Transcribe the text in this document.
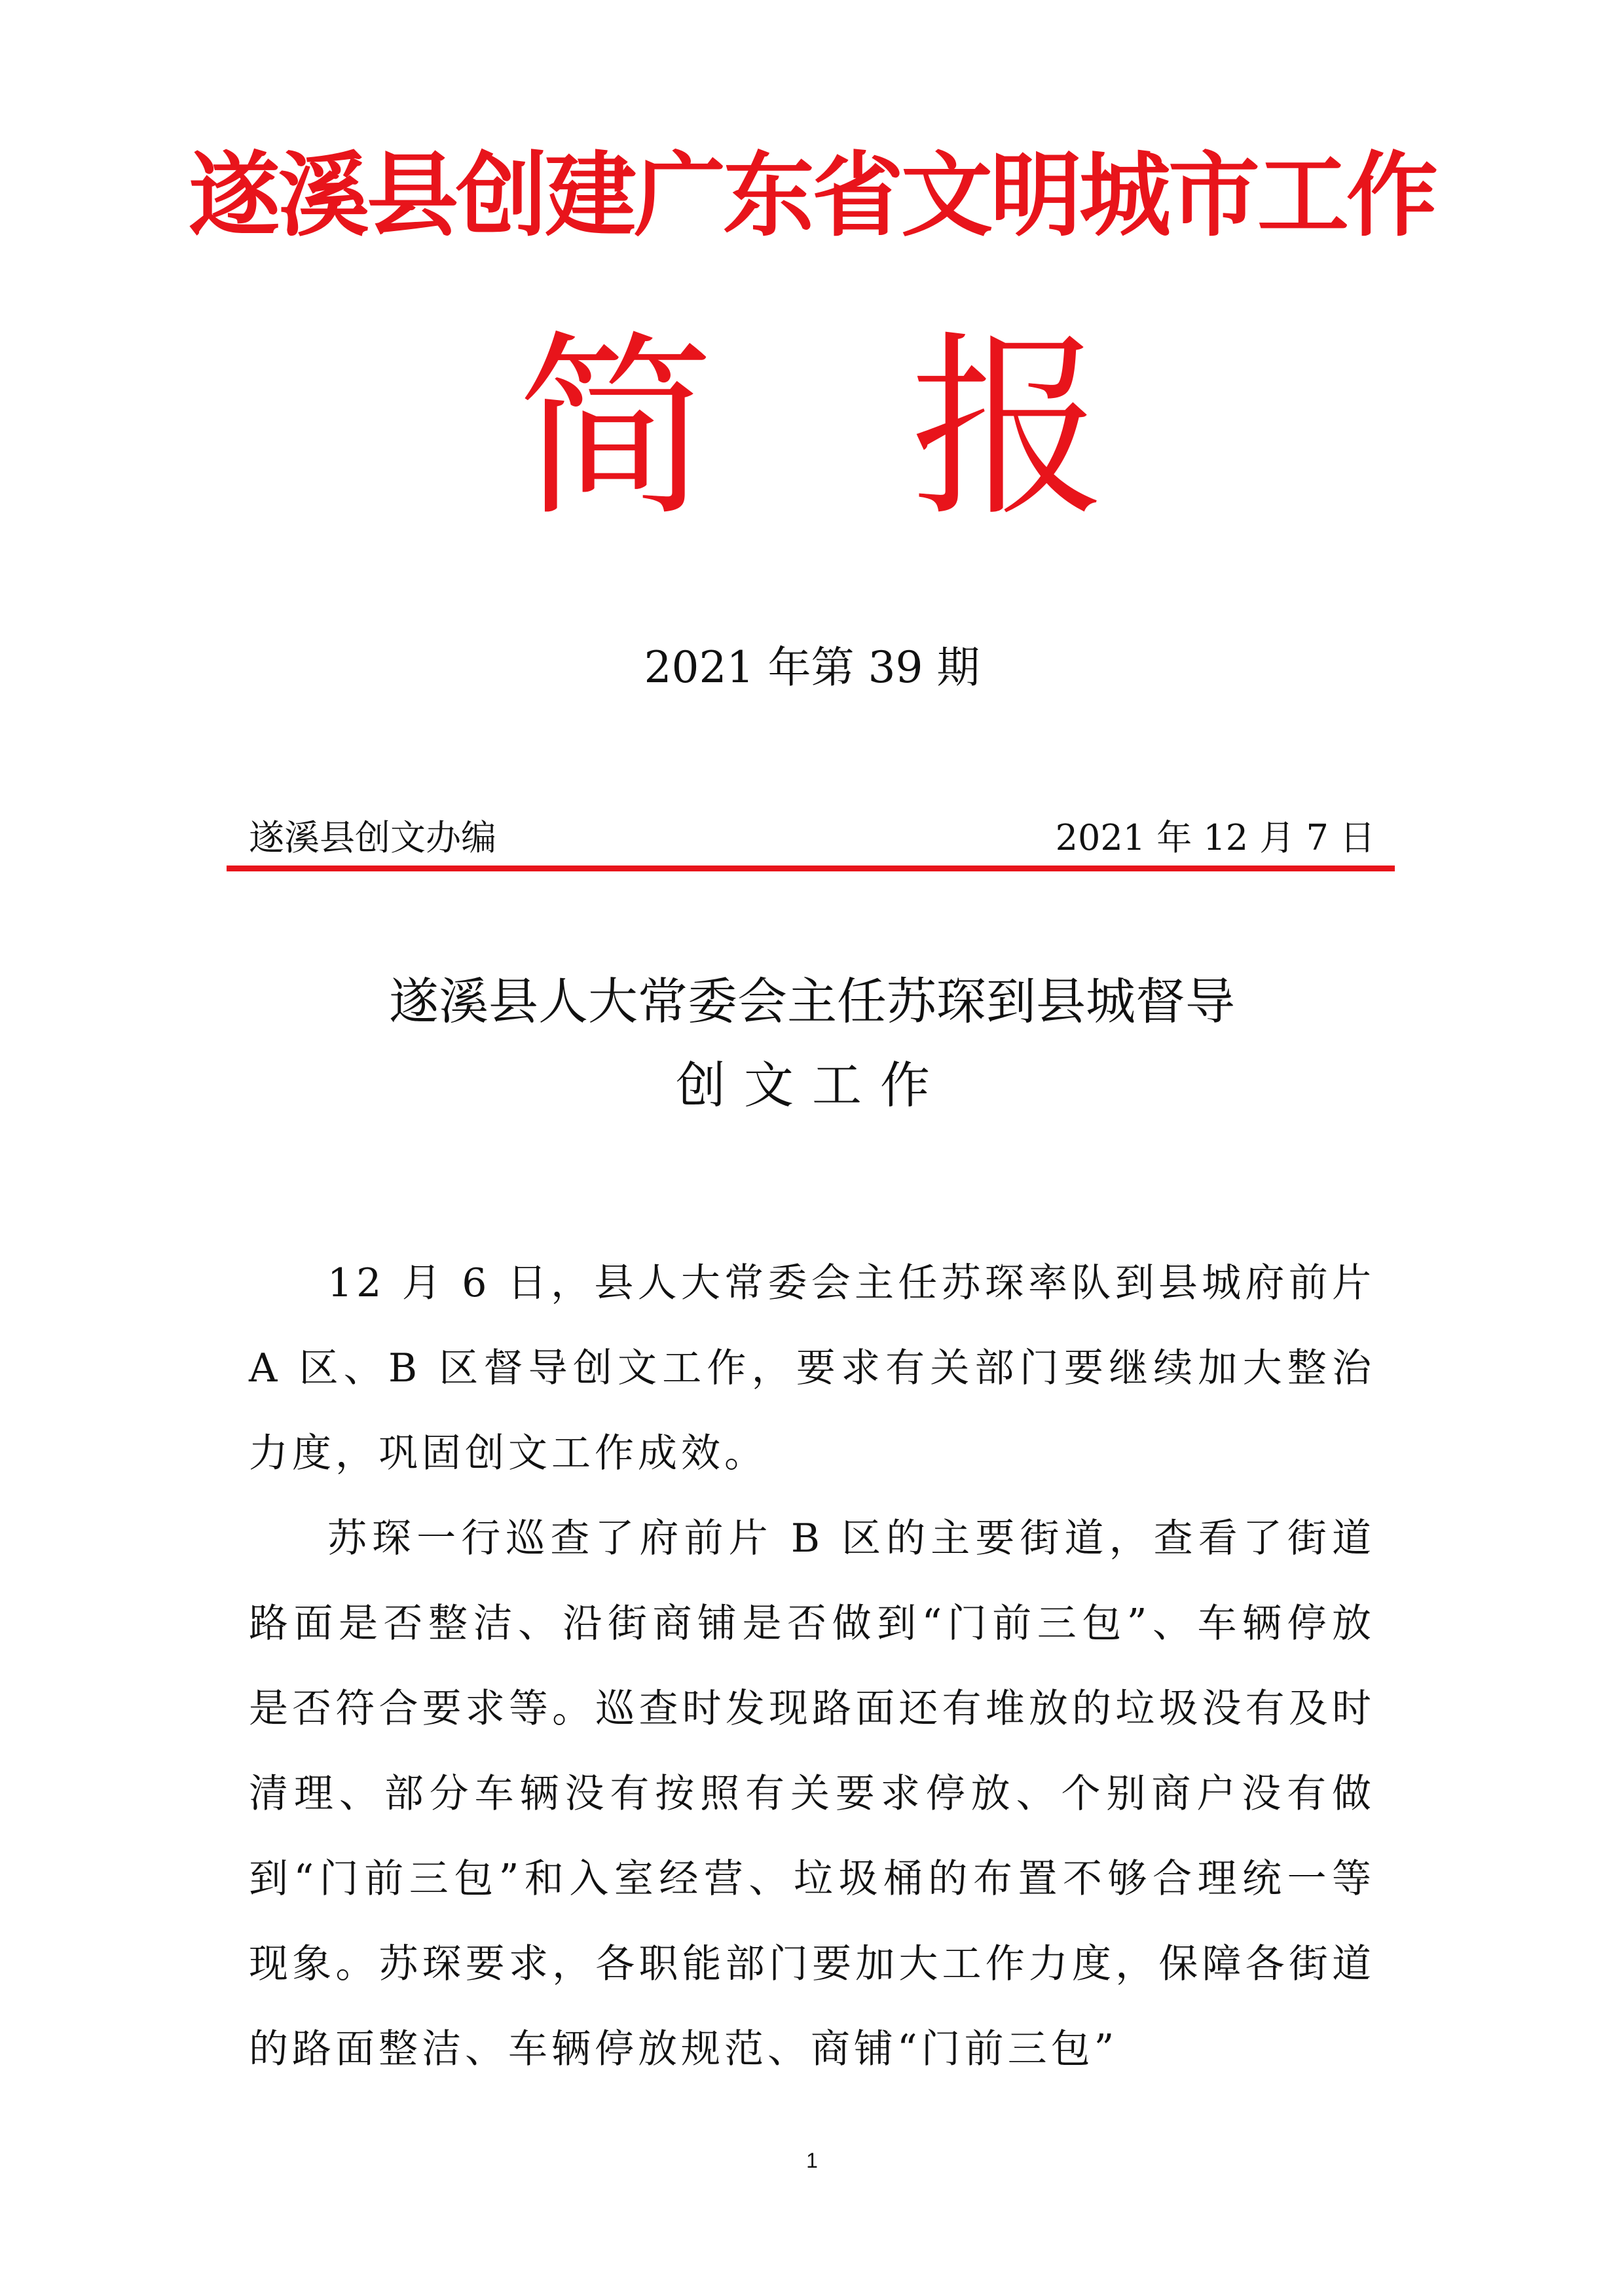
遂溪县创建广东省文明城市工作
简 报
2021 年第 39 期
遂溪县创文办编	2021 年 12 月 7 日
遂溪县人大常委会主任苏琛到县城督导
创文工作

12 月 6 日，县人大常委会主任苏琛率队到县城府前片 A 区、B 区督导创文工作，要求有关部门要继续加大整治力度，巩固创文工作成效。

苏琛一行巡查了府前片 B 区的主要街道，查看了街道路面是否整洁、沿街商铺是否做到“门前三包”、车辆停放是否符合要求等。巡查时发现路面还有堆放的垃圾没有及时清理、部分车辆没有按照有关要求停放、个别商户没有做到“门前三包”和入室经营、垃圾桶的布置不够合理统一等现象。苏琛要求，各职能部门要加大工作力度，保障各街道的路面整洁、车辆停放规范、商铺“门前三包”

1
